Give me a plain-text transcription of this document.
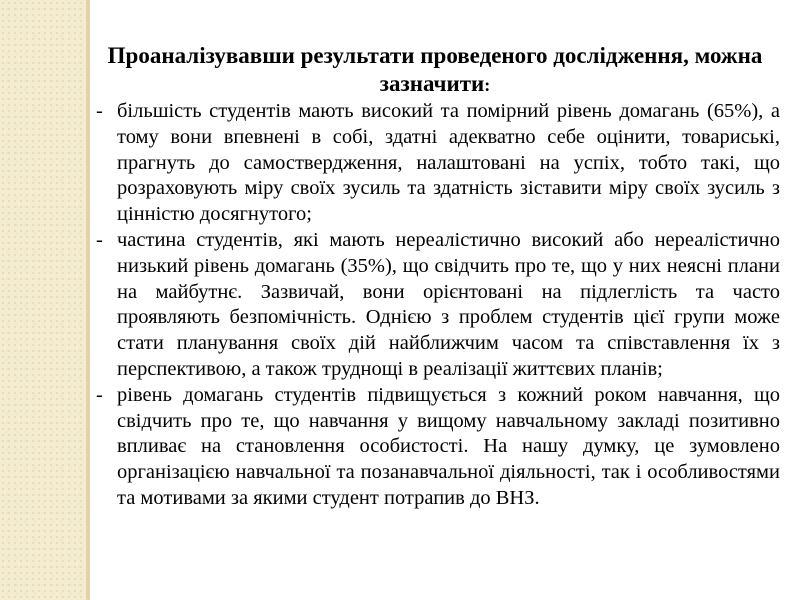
Проаналізувавши результати проведеного дослідження, можна зазначити:
- більшість студентів мають високий та помірний рівень домагань (65%), а тому вони впевнені в собі, здатні адекватно себе оцінити, товариські, прагнуть до самоствердження, налаштовані на успіх, тобто такі, що розраховують міру своїх зусиль та здатність зіставити міру своїх зусиль з цінністю досягнутого;
- частина студентів, які мають нереалістично високий або нереалістично низький рівень домагань (35%), що свідчить про те, що у них неясні плани на майбутнє. Зазвичай, вони орієнтовані на підлеглість та часто проявляють безпомічність. Однією з проблем студентів цієї групи може стати планування своїх дій найближчим часом та співставлення їх з перспективою, а також труднощі в реалізації життєвих планів;
- рівень домагань студентів підвищується з кожний роком навчання, що   свідчить про те, що навчання у вищому навчальному закладі позитивно впливає на становлення особистості. На нашу думку, це зумовлено організацією навчальної та позанавчальної діяльності, так і особливостями та мотивами за якими студент потрапив до ВНЗ.
